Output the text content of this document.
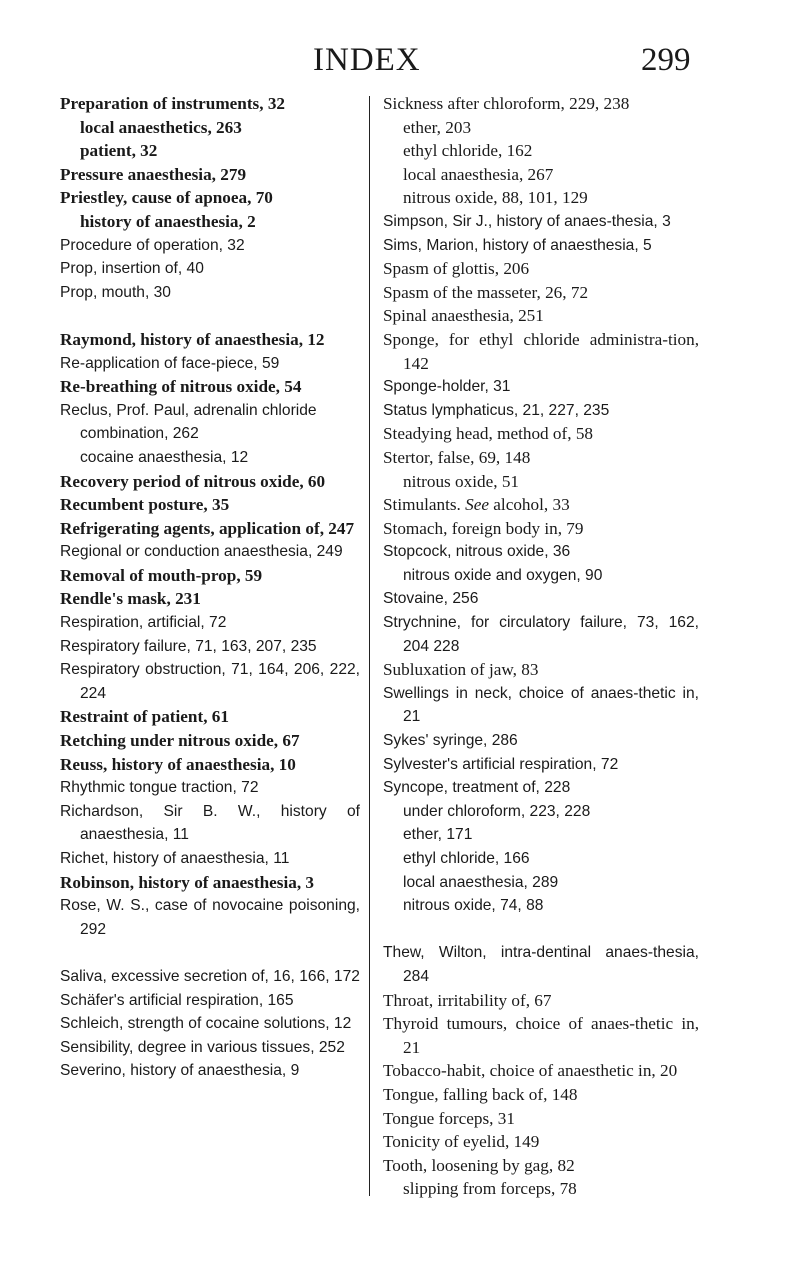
INDEX	299
Preparation of instruments, 32
local anaesthetics, 263
patient, 32
Pressure anaesthesia, 279
Priestley, cause of apnoea, 70
history of anaesthesia, 2
Procedure of operation, 32
Prop, insertion of, 40
Prop, mouth, 30
Raymond, history of anaesthesia, 12
Re-application of face-piece, 59
Re-breathing of nitrous oxide, 54
Reclus, Prof. Paul, adrenalin chloride combination, 262
cocaine anaesthesia, 12
Recovery period of nitrous oxide, 60
Recumbent posture, 35
Refrigerating agents, application of, 247
Regional or conduction anaesthesia, 249
Removal of mouth-prop, 59
Rendle's mask, 231
Respiration, artificial, 72
Respiratory failure, 71, 163, 207, 235
Respiratory obstruction, 71, 164, 206, 222, 224
Restraint of patient, 61
Retching under nitrous oxide, 67
Reuss, history of anaesthesia, 10
Rhythmic tongue traction, 72
Richardson, Sir B. W., history of anaesthesia, 11
Richet, history of anaesthesia, 11
Robinson, history of anaesthesia, 3
Rose, W. S., case of novocaine poisoning, 292
Saliva, excessive secretion of, 16, 166, 172
Schäfer's artificial respiration, 165
Schleich, strength of cocaine solutions, 12
Sensibility, degree in various tissues, 252
Severino, history of anaesthesia, 9
Sickness after chloroform, 229, 238
ether, 203
ethyl chloride, 162
local anaesthesia, 267
nitrous oxide, 88, 101, 129
Simpson, Sir J., history of anaes-thesia, 3
Sims, Marion, history of anaesthesia, 5
Spasm of glottis, 206
Spasm of the masseter, 26, 72
Spinal anaesthesia, 251
Sponge, for ethyl chloride administra-tion, 142
Sponge-holder, 31
Status lymphaticus, 21, 227, 235
Steadying head, method of, 58
Stertor, false, 69, 148
nitrous oxide, 51
Stimulants. See alcohol, 33
Stomach, foreign body in, 79
Stopcock, nitrous oxide, 36
nitrous oxide and oxygen, 90
Stovaine, 256
Strychnine, for circulatory failure, 73, 162, 204 228
Subluxation of jaw, 83
Swellings in neck, choice of anaes-thetic in, 21
Sykes' syringe, 286
Sylvester's artificial respiration, 72
Syncope, treatment of, 228
under chloroform, 223, 228
ether, 171
ethyl chloride, 166
local anaesthesia, 289
nitrous oxide, 74, 88
Thew, Wilton, intra-dentinal anaes-thesia, 284
Throat, irritability of, 67
Thyroid tumours, choice of anaes-thetic in, 21
Tobacco-habit, choice of anaesthetic in, 20
Tongue, falling back of, 148
Tongue forceps, 31
Tonicity of eyelid, 149
Tooth, loosening by gag, 82
slipping from forceps, 78
